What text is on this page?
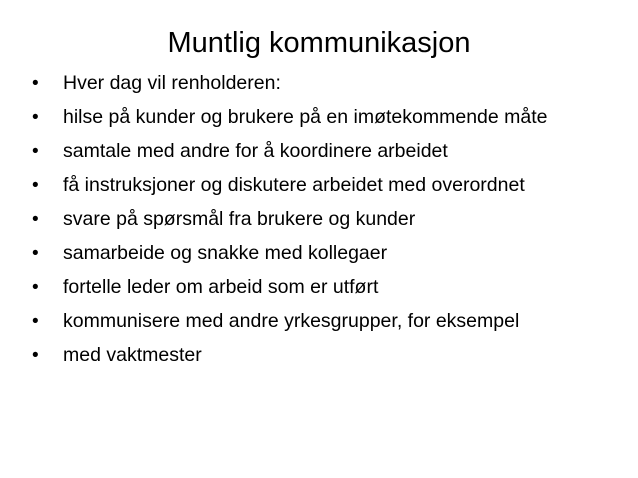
Muntlig kommunikasjon
•	Hver dag vil renholderen:
•	hilse på kunder og brukere på en imøtekommende måte
•	samtale med andre for å koordinere arbeidet
•	få instruksjoner og diskutere arbeidet med overordnet
•	svare på spørsmål fra brukere og kunder
•	samarbeide og snakke med kollegaer
•	fortelle leder om arbeid som er utført
•	kommunisere med andre yrkesgrupper, for eksempel
•	med vaktmester
